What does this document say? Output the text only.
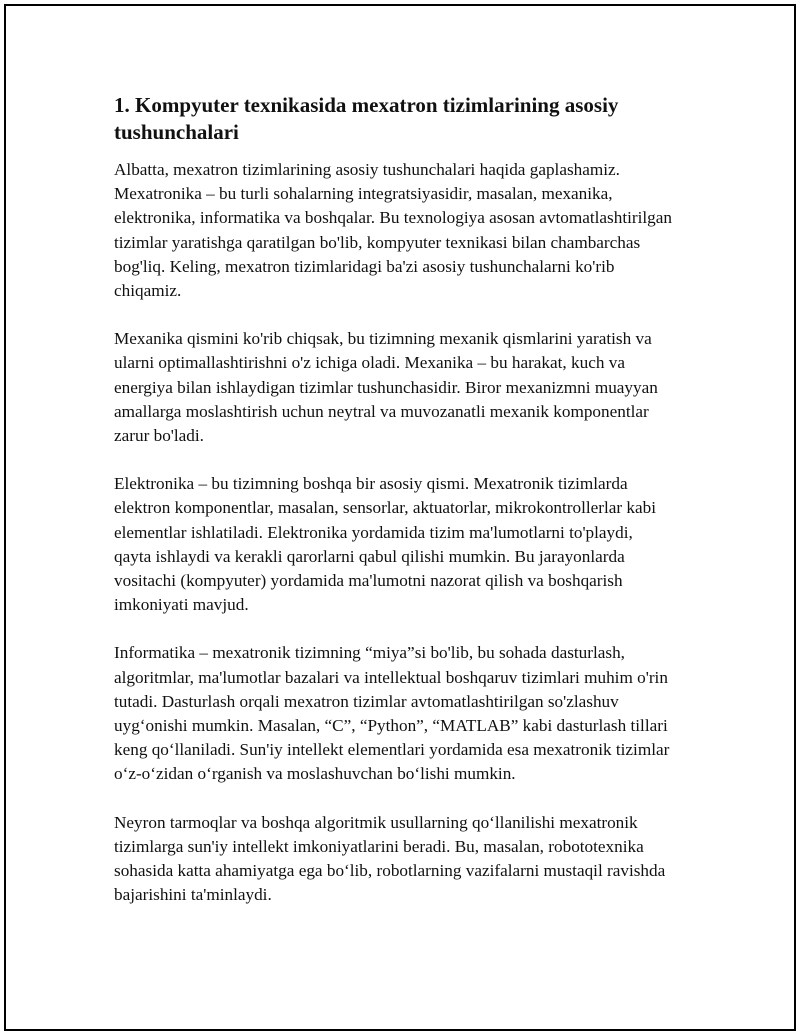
1. Kompyuter texnikasida mexatron tizimlarining asosiy tushunchalari

Albatta, mexatron tizimlarining asosiy tushunchalari haqida gaplashamiz. Mexatronika – bu turli sohalarning integratsiyasidir, masalan, mexanika, elektronika, informatika va boshqalar. Bu texnologiya asosan avtomatlashtirilgan tizimlar yaratishga qaratilgan bo'lib, kompyuter texnikasi bilan chambarchas bog'liq. Keling, mexatron tizimlaridagi ba'zi asosiy tushunchalarni ko'rib chiqamiz.

Mexanika qismini ko'rib chiqsak, bu tizimning mexanik qismlarini yaratish va ularni optimallashtirishni o'z ichiga oladi. Mexanika – bu harakat, kuch va energiya bilan ishlaydigan tizimlar tushunchasidir. Biror mexanizmni muayyan amallarga moslashtirish uchun neytral va muvozanatli mexanik komponentlar zarur bo'ladi.

Elektronika – bu tizimning boshqa bir asosiy qismi. Mexatronik tizimlarda elektron komponentlar, masalan, sensorlar, aktuatorlar, mikrokontrollerlar kabi elementlar ishlatiladi. Elektronika yordamida tizim ma'lumotlarni to'playdi, qayta ishlaydi va kerakli qarorlarni qabul qilishi mumkin. Bu jarayonlarda vositachi (kompyuter) yordamida ma'lumotni nazorat qilish va boshqarish imkoniyati mavjud.

Informatika – mexatronik tizimning “miya”si bo'lib, bu sohada dasturlash, algoritmlar, ma'lumotlar bazalari va intellektual boshqaruv tizimlari muhim o'rin tutadi. Dasturlash orqali mexatron tizimlar avtomatlashtirilgan so'zlashuv uyg‘onishi mumkin. Masalan, “C”, “Python”, “MATLAB” kabi dasturlash tillari keng qo‘llaniladi. Sun'iy intellekt elementlari yordamida esa mexatronik tizimlar o‘z-o‘zidan o‘rganish va moslashuvchan bo‘lishi mumkin.

Neyron tarmoqlar va boshqa algoritmik usullarning qo‘llanilishi mexatronik tizimlarga sun'iy intellekt imkoniyatlarini beradi. Bu, masalan, robototexnika sohasida katta ahamiyatga ega bo‘lib, robotlarning vazifalarni mustaqil ravishda bajarishini ta'minlaydi.
